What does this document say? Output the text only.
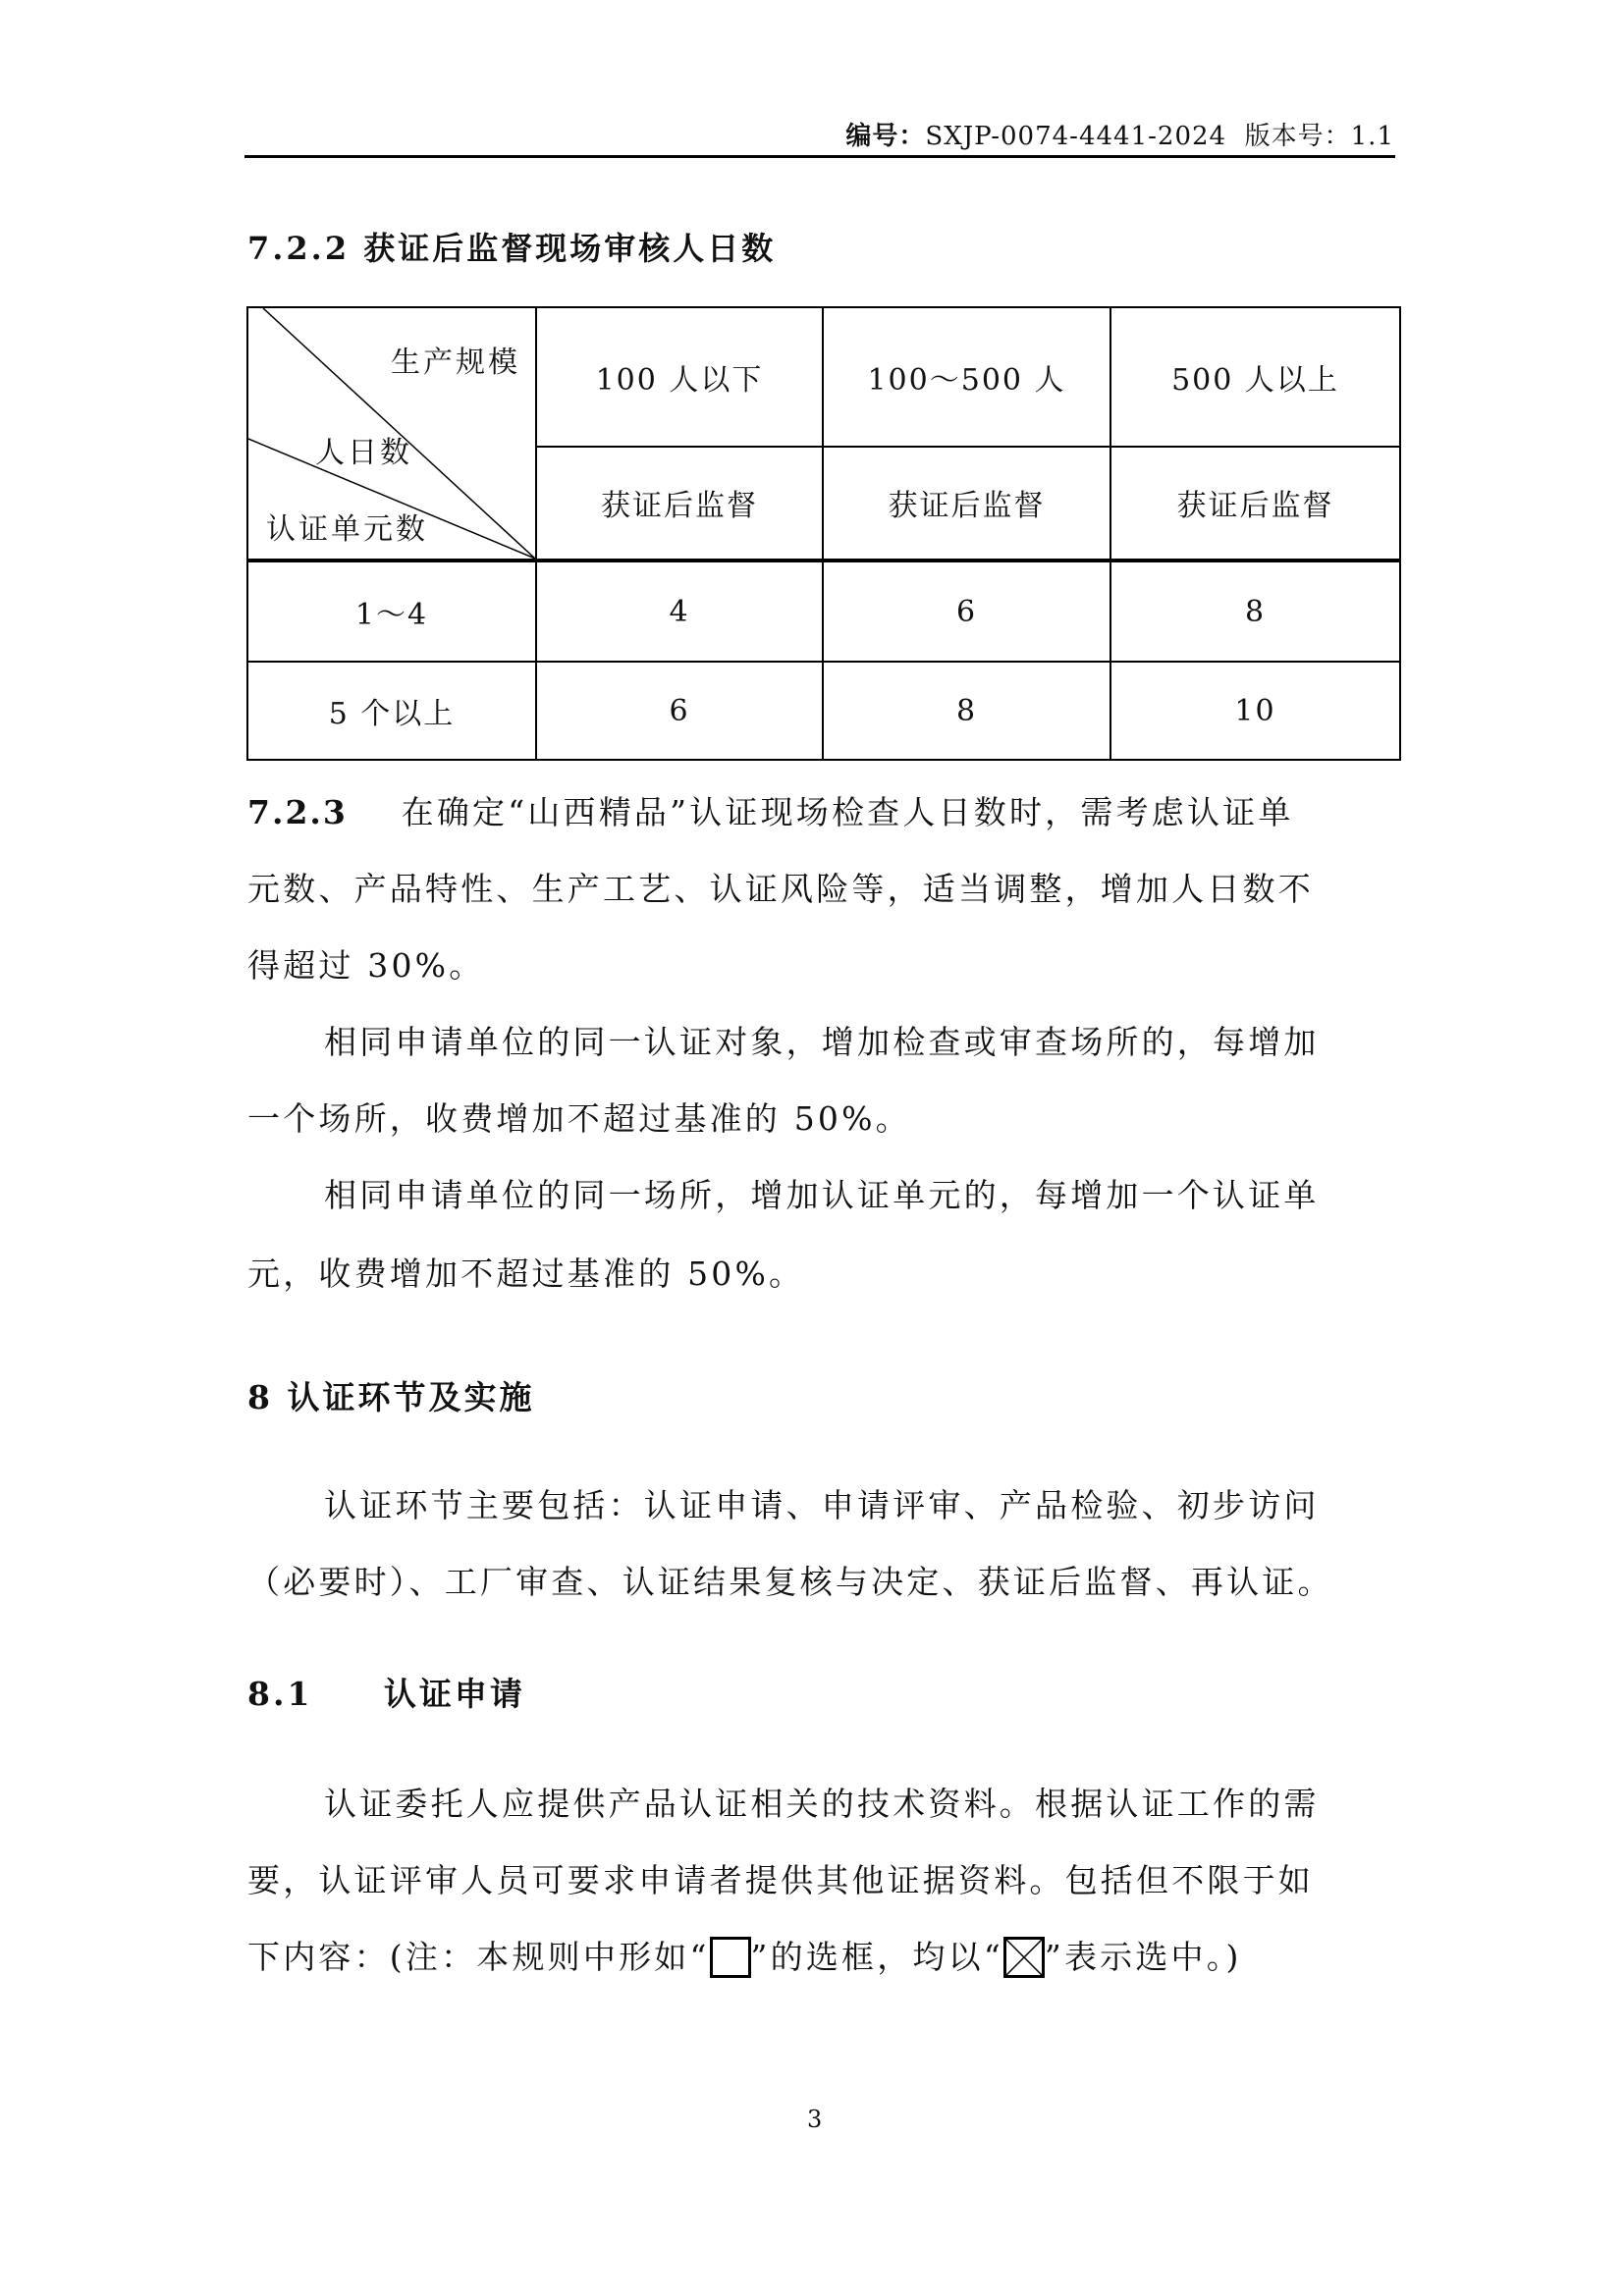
编号：SXJP-0074-4441-2024 版本号：1.1
7.2.2 获证后监督现场审核人日数
生产规模
人日数
认证单元数	100 人以下	100～500 人	500 人以上
	获证后监督	获证后监督	获证后监督
1～4	4	6	8
5 个以上	6	8	10
7.2.3 在确定“山西精品”认证现场检查人日数时，需考虑认证单
元数、产品特性、生产工艺、认证风险等，适当调整，增加人日数不
得超过 30%。
相同申请单位的同一认证对象，增加检查或审查场所的，每增加
一个场所，收费增加不超过基准的 50%。
相同申请单位的同一场所，增加认证单元的，每增加一个认证单
元，收费增加不超过基准的 50%。
8 认证环节及实施
认证环节主要包括：认证申请、申请评审、产品检验、初步访问
（必要时）、工厂审查、认证结果复核与决定、获证后监督、再认证。
8.1 认证申请
认证委托人应提供产品认证相关的技术资料。根据认证工作的需
要，认证评审人员可要求申请者提供其他证据资料。包括但不限于如
下内容：(注：本规则中形如“ ”的选框，均以“ ”表示选中。)
3
